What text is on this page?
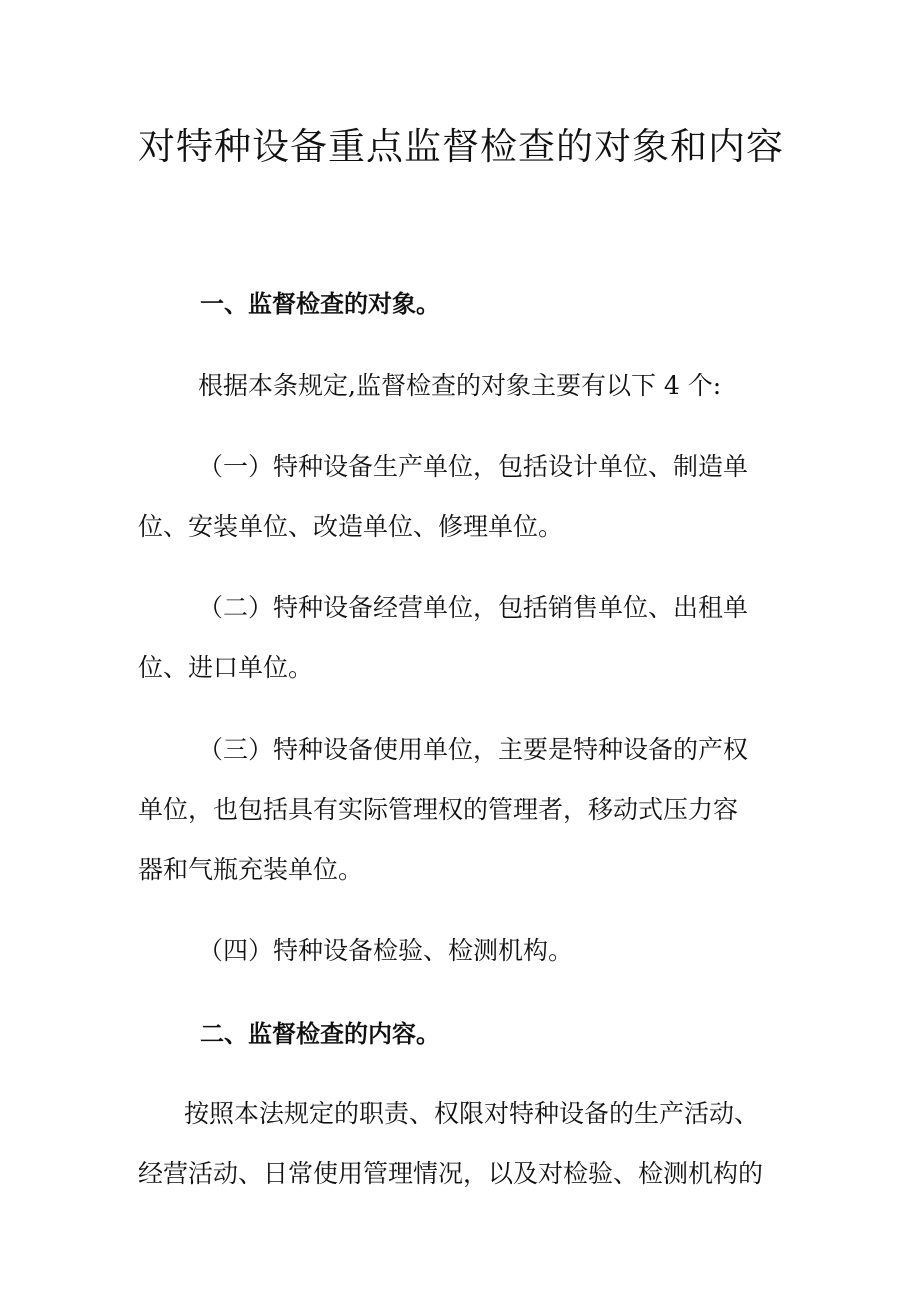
对特种设备重点监督检查的对象和内容
一、监督检查的对象。
根据本条规定,监督检查的对象主要有以下 4 个:
（一）特种设备生产单位，包括设计单位、制造单
位、安装单位、改造单位、修理单位。
（二）特种设备经营单位，包括销售单位、出租单
位、进口单位。
（三）特种设备使用单位，主要是特种设备的产权
单位，也包括具有实际管理权的管理者，移动式压力容
器和气瓶充装单位。
（四）特种设备检验、检测机构。
二、监督检查的内容。
按照本法规定的职责、权限对特种设备的生产活动、
经营活动、日常使用管理情况，以及对检验、检测机构的
